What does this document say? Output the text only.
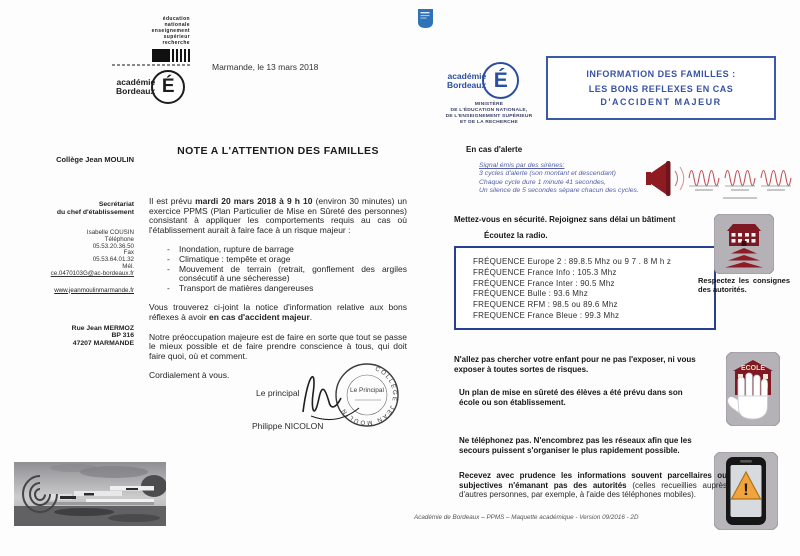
éducation
nationale
enseignement
supérieur
recherche
académie
Bordeaux É
Marmande, le 13 mars 2018
Collège Jean MOULIN
Secrétariat
du chef d'établissement
Isabelle COUSIN
Téléphone
05.53.20.36.50
Fax
05.53.64.01.32
Mél.
ce.0470103G@ac-bordeaux.fr
www.jeanmoulinmarmande.fr
Rue Jean MERMOZ
BP 316
47207 MARMANDE
NOTE A L'ATTENTION DES FAMILLES

Il est prévu mardi 20 mars 2018 à 9 h 10 (environ 30 minutes) un exercice PPMS (Plan Particulier de Mise en Sûreté des personnes) consistant à appliquer les comportements requis au cas où l'établissement aurait à faire face à un risque majeur :

- Inondation, rupture de barrage
- Climatique : tempête et orage
- Mouvement de terrain (retrait, gonflement des argiles consécutif à une sécheresse)
- Transport de matières dangereuses

Vous trouverez ci-joint la notice d'information relative aux bons réflexes à avoir en cas d'accident majeur.

Notre préoccupation majeure est de faire en sorte que tout se passe le mieux possible et de faire prendre conscience à tous, qui doit faire quoi, où et comment.

Cordialement à vous.

Le principal
COLLEGE JEAN MOULIN
Le Principal
Philippe NICOLON
académie
Bordeaux É
MINISTÈRE
DE L'ÉDUCATION NATIONALE,
DE L'ENSEIGNEMENT SUPÉRIEUR
ET DE LA RECHERCHE
INFORMATION DES FAMILLES :
LES BONS REFLEXES EN CAS
D'ACCIDENT MAJEUR
En cas d'alerte
Signal émis par des sirènes:
3 cycles d'alerte (son montant et descendant)
Chaque cycle dure 1 minute 41 secondes,
Un silence de 5 secondes sépare chacun des cycles.
Mettez-vous en sécurité. Rejoignez sans délai un bâtiment
Écoutez la radio.
FRÉQUENCE Europe 2 : 89.8.5 Mhz ou 9 7 . 8 M h z
FRÉQUENCE France Info : 105.3 Mhz
FRÉQUENCE France Inter : 90.5 Mhz
FRÉQUENCE Bulle : 93.6 Mhz
FREQUENCE RFM : 98.5 ou 89.6 Mhz
FREQUENCE France Bleue : 99.3 Mhz
Respectez les consignes des autorités.
N'allez pas chercher votre enfant pour ne pas l'exposer, ni vous exposer à toutes sortes de risques.	ECOLE
Un plan de mise en sûreté des élèves a été prévu dans son école ou son établissement.
Ne téléphonez pas. N'encombrez pas les réseaux afin que les secours puissent s'organiser le plus rapidement possible.
!
Recevez avec prudence les informations souvent parcellaires ou subjectives n'émanant pas des autorités (celles recueillies auprès d'autres personnes, par exemple, à l'aide des téléphones mobiles).
Académie de Bordeaux – PPMS – Maquette académique - Version 09/2016 - 2D
